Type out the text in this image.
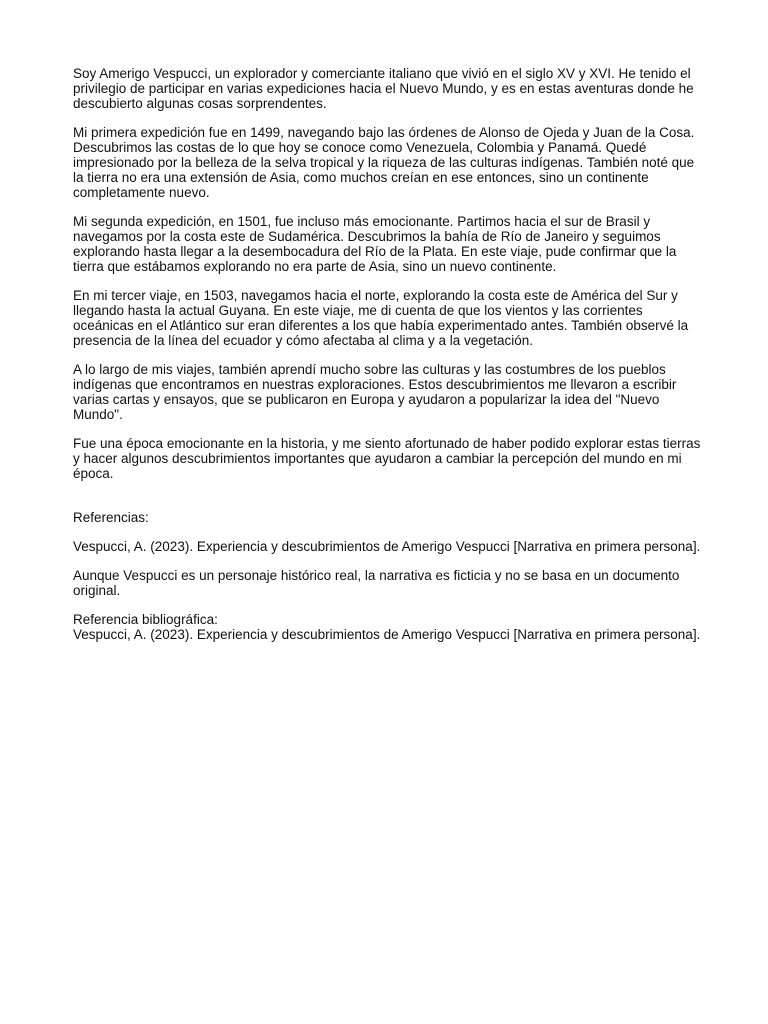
Soy Amerigo Vespucci, un explorador y comerciante italiano que vivió en el siglo XV y XVI. He tenido el privilegio de participar en varias expediciones hacia el Nuevo Mundo, y es en estas aventuras donde he descubierto algunas cosas sorprendentes.

Mi primera expedición fue en 1499, navegando bajo las órdenes de Alonso de Ojeda y Juan de la Cosa. Descubrimos las costas de lo que hoy se conoce como Venezuela, Colombia y Panamá. Quedé impresionado por la belleza de la selva tropical y la riqueza de las culturas indígenas. También noté que la tierra no era una extensión de Asia, como muchos creían en ese entonces, sino un continente completamente nuevo.

Mi segunda expedición, en 1501, fue incluso más emocionante. Partimos hacia el sur de Brasil y navegamos por la costa este de Sudamérica. Descubrimos la bahía de Río de Janeiro y seguimos explorando hasta llegar a la desembocadura del Río de la Plata. En este viaje, pude confirmar que la tierra que estábamos explorando no era parte de Asia, sino un nuevo continente.

En mi tercer viaje, en 1503, navegamos hacia el norte, explorando la costa este de América del Sur y llegando hasta la actual Guyana. En este viaje, me di cuenta de que los vientos y las corrientes oceánicas en el Atlántico sur eran diferentes a los que había experimentado antes. También observé la presencia de la línea del ecuador y cómo afectaba al clima y a la vegetación.

A lo largo de mis viajes, también aprendí mucho sobre las culturas y las costumbres de los pueblos indígenas que encontramos en nuestras exploraciones. Estos descubrimientos me llevaron a escribir varias cartas y ensayos, que se publicaron en Europa y ayudaron a popularizar la idea del "Nuevo Mundo".

Fue una época emocionante en la historia, y me siento afortunado de haber podido explorar estas tierras y hacer algunos descubrimientos importantes que ayudaron a cambiar la percepción del mundo en mi época.

Referencias:

Vespucci, A. (2023). Experiencia y descubrimientos de Amerigo Vespucci [Narrativa en primera persona].

Aunque Vespucci es un personaje histórico real, la narrativa es ficticia y no se basa en un documento original.

Referencia bibliográfica:

Vespucci, A. (2023). Experiencia y descubrimientos de Amerigo Vespucci [Narrativa en primera persona].
